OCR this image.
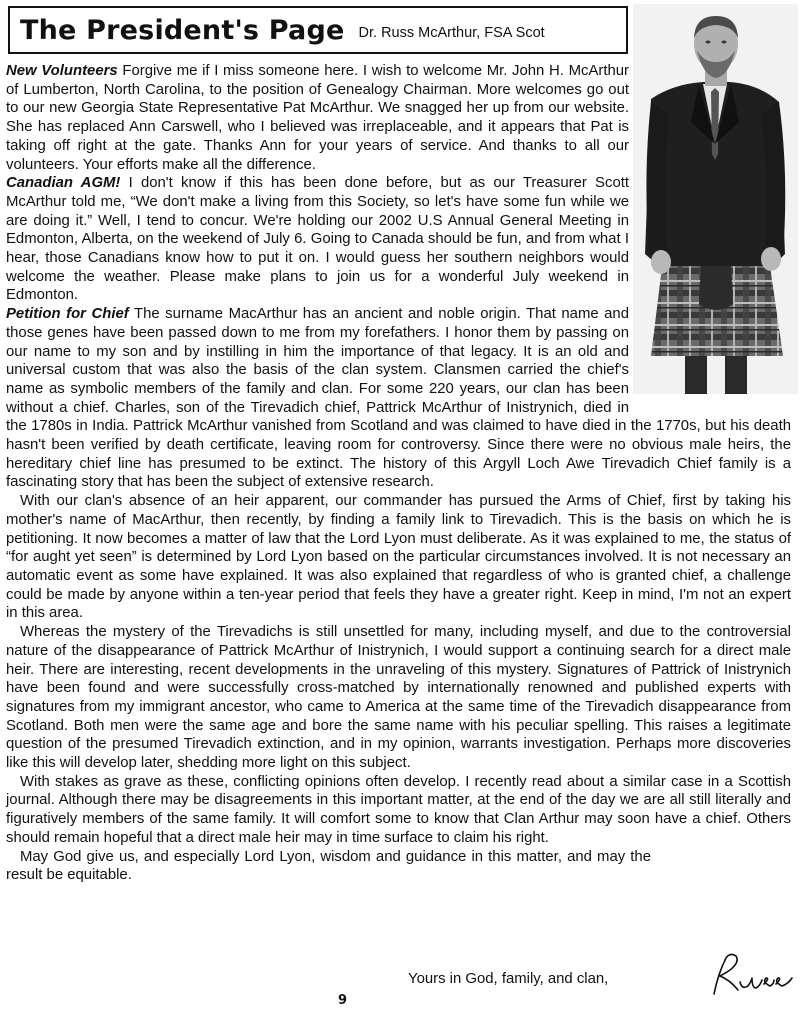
The President's Page Dr. Russ McArthur, FSA Scot

New Volunteers Forgive me if I miss someone here. I wish to welcome Mr. John H. McArthur of Lumberton, North Carolina, to the position of Genealogy Chairman. More welcomes go out to our new Georgia State Representative Pat McArthur. We snagged her up from our website. She has replaced Ann Carswell, who I believed was irreplaceable, and it appears that Pat is taking off right at the gate. Thanks Ann for your years of service. And thanks to all our volunteers. Your efforts make all the difference.

Canadian AGM! I don't know if this has been done before, but as our Treasurer Scott McArthur told me, “We don't make a living from this Society, so let's have some fun while we are doing it.” Well, I tend to concur. We're holding our 2002 U.S Annual General Meeting in Edmonton, Alberta, on the weekend of July 6. Going to Canada should be fun, and from what I hear, those Canadians know how to put it on. I would guess her southern neighbors would welcome the weather. Please make plans to join us for a wonderful July weekend in Edmonton.

Petition for Chief The surname MacArthur has an ancient and noble origin. That name and those genes have been passed down to me from my forefathers. I honor them by passing on our name to my son and by instilling in him the importance of that legacy. It is an old and universal custom that was also the basis of the clan system. Clansmen carried the chief's name as symbolic members of the family and clan. For some 220 years, our clan has been without a chief. Charles, son of the Tirevadich chief, Pattrick McArthur of Inistrynich, died in the 1780s in India. Pattrick McArthur vanished from Scotland and was claimed to have died in the 1770s, but his death hasn't been verified by death certificate, leaving room for controversy. Since there were no obvious male heirs, the hereditary chief line has presumed to be extinct. The history of this Argyll Loch Awe Tirevadich Chief family is a fascinating story that has been the subject of extensive research.

With our clan's absence of an heir apparent, our commander has pursued the Arms of Chief, first by taking his mother's name of MacArthur, then recently, by finding a family link to Tirevadich. This is the basis on which he is petitioning. It now becomes a matter of law that the Lord Lyon must deliberate. As it was explained to me, the status of “for aught yet seen” is determined by Lord Lyon based on the particular circumstances involved. It is not necessary an automatic event as some have explained. It was also explained that regardless of who is granted chief, a challenge could be made by anyone within a ten-year period that feels they have a greater right. Keep in mind, I'm not an expert in this area.

Whereas the mystery of the Tirevadichs is still unsettled for many, including myself, and due to the controversial nature of the disappearance of Pattrick McArthur of Inistrynich, I would support a continuing search for a direct male heir. There are interesting, recent developments in the unraveling of this mystery. Signatures of Pattrick of Inistrynich have been found and were successfully cross-matched by internationally renowned and published experts with signatures from my immigrant ancestor, who came to America at the same time of the Tirevadich disappearance from Scotland. Both men were the same age and bore the same name with his peculiar spelling. This raises a legitimate question of the presumed Tirevadich extinction, and in my opinion, warrants investigation. Perhaps more discoveries like this will develop later, shedding more light on this subject.

With stakes as grave as these, conflicting opinions often develop. I recently read about a similar case in a Scottish journal. Although there may be disagreements in this important matter, at the end of the day we are all still literally and figuratively members of the same family. It will comfort some to know that Clan Arthur may soon have a chief. Others should remain hopeful that a direct male heir may in time surface to claim his right.

May God give us, and especially Lord Lyon, wisdom and guidance in this matter, and may the result be equitable.

Yours in God, family, and clan,
9
